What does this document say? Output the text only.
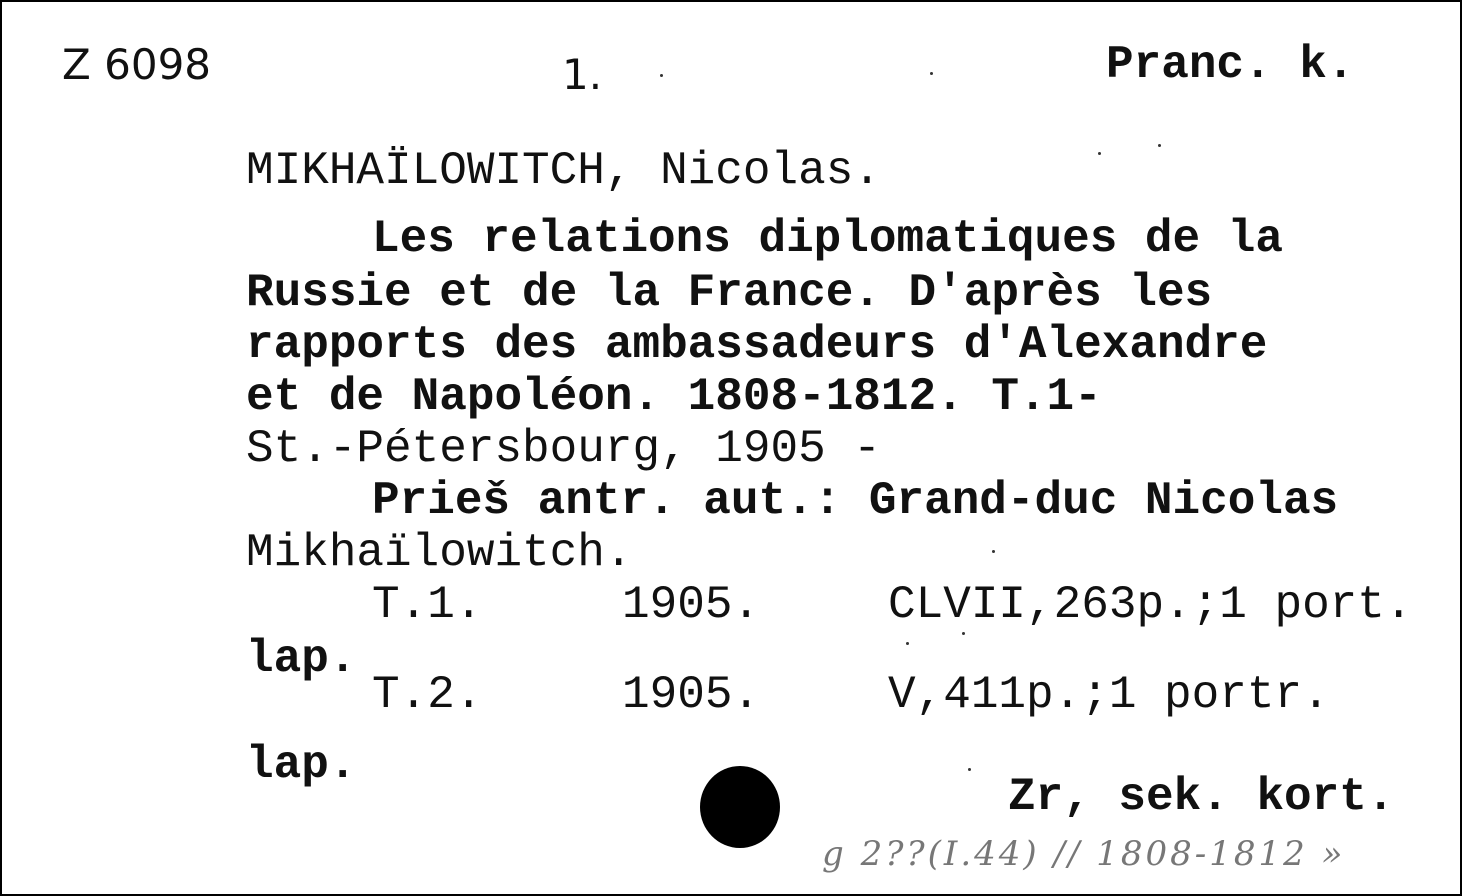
Z 6098	1.	Pranc. k.
MIKHAÏLOWITCH, Nicolas.
Les relations diplomatiques de la
Russie et de la France. D'après les
rapports des ambassadeurs d'Alexandre
et de Napoléon. 1808-1812. T.1-
St.-Pétersbourg, 1905 -
Prieš antr. aut.: Grand-duc Nicolas
Mikhaïlowitch.
T.1.	1905.	CLVII,263p.;1 port.
lap.
T.2.	1905.	V,411p.;1 portr.
lap.
Zr, sek. kort.
g 2??(I.44) // 1808-1812 »
